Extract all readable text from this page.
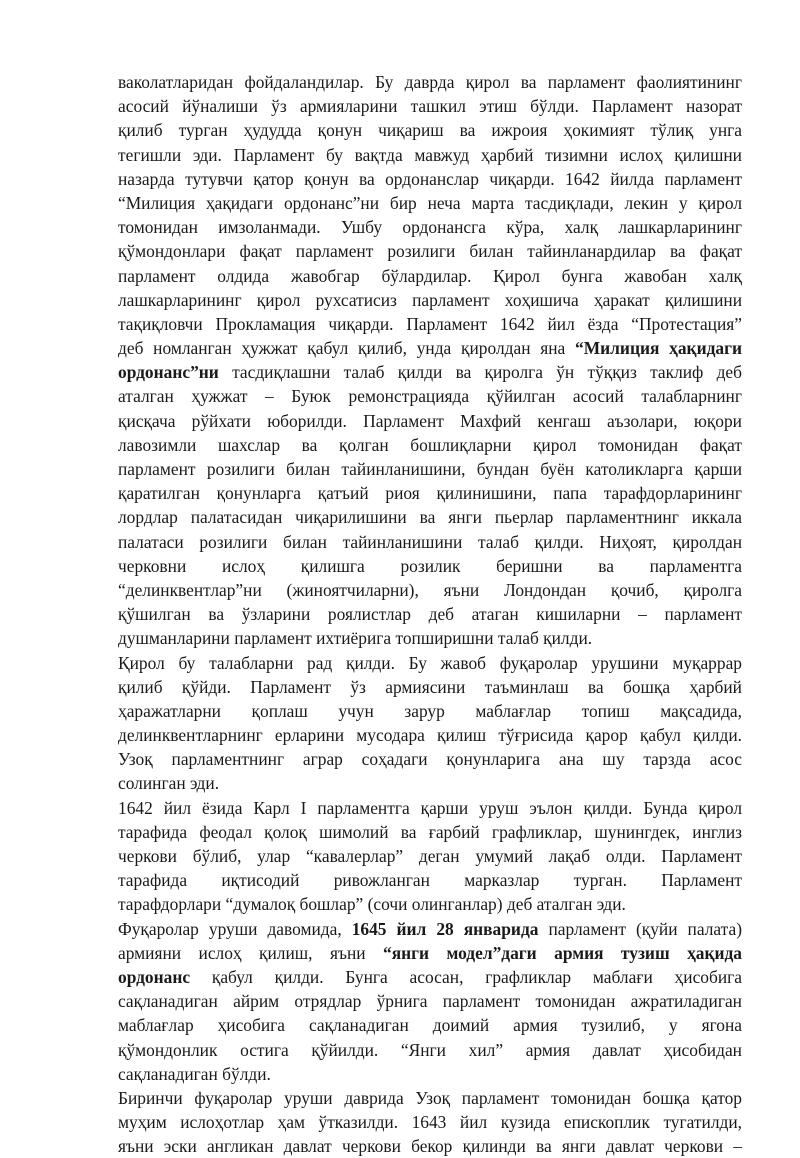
ваколатларидан фойдаландилар. Бу даврда қирол ва парламент фаолиятининг
асосий йўналиши ўз армияларини ташкил этиш бўлди. Парламент назорат
қилиб турган ҳудудда қонун чиқариш ва ижроия ҳокимият тўлиқ унга
тегишли эди. Парламент бу вақтда мавжуд ҳарбий тизимни ислоҳ қилишни
назарда тутувчи қатор қонун ва ордонанслар чиқарди. 1642 йилда парламент
“Милиция ҳақидаги ордонанс”ни бир неча марта тасдиқлади, лекин у қирол
томонидан имзоланмади. Ушбу ордонансга кўра, халқ лашкарларининг
қўмондонлари фақат парламент розилиги билан тайинланардилар ва фақат
парламент олдида жавобгар бўлардилар. Қирол бунга жавобан халқ
лашкарларининг қирол рухсатисиз парламент хоҳишича ҳаракат қилишини
тақиқловчи Прокламация чиқарди. Парламент 1642 йил ёзда “Протестация”
деб номланган ҳужжат қабул қилиб, унда қиролдан яна “Милиция ҳақидаги
ордонанс”ни тасдиқлашни талаб қилди ва қиролга ўн тўққиз таклиф деб
аталган ҳужжат – Буюк ремонстрацияда қўйилган асосий талабларнинг
қисқача рўйхати юборилди. Парламент Махфий кенгаш аъзолари, юқори
лавозимли шахслар ва қолган бошлиқларни қирол томонидан фақат
парламент розилиги билан тайинланишини, бундан буён католикларга қарши
қаратилган қонунларга қатъий риоя қилинишини, папа тарафдорларининг
лордлар палатасидан чиқарилишини ва янги пьерлар парламентнинг иккала
палатаси розилиги билан тайинланишини талаб қилди. Ниҳоят, қиролдан
черковни ислоҳ қилишга розилик беришни ва парламентга
“делинквентлар”ни (жиноятчиларни), яъни Лондондан қочиб, қиролга
қўшилган ва ўзларини роялистлар деб атаган кишиларни – парламент
душманларини парламент ихтиёрига топширишни талаб қилди.
Қирол бу талабларни рад қилди. Бу жавоб фуқаролар урушини муқаррар
қилиб қўйди. Парламент ўз армиясини таъминлаш ва бошқа ҳарбий
ҳаражатларни қоплаш учун зарур маблағлар топиш мақсадида,
делинквентларнинг ерларини мусодара қилиш тўғрисида қарор қабул қилди.
Узоқ парламентнинг аграр соҳадаги қонунларига ана шу тарзда асос
солинган эди.
1642 йил ёзида Карл I парламентга қарши уруш эълон қилди. Бунда қирол
тарафида феодал қолоқ шимолий ва ғарбий графликлар, шунингдек, инглиз
черкови бўлиб, улар “кавалерлар” деган умумий лақаб олди. Парламент
тарафида иқтисодий ривожланган марказлар турган. Парламент
тарафдорлари “думалоқ бошлар” (сочи олинганлар) деб аталган эди.
Фуқаролар уруши давомида, 1645 йил 28 январида парламент (қуйи палата)
армияни ислоҳ қилиш, яъни “янги модел”даги армия тузиш ҳақида
ордонанс қабул қилди. Бунга асосан, графликлар маблағи ҳисобига
сақланадиган айрим отрядлар ўрнига парламент томонидан ажратиладиган
маблағлар ҳисобига сақланадиган доимий армия тузилиб, у ягона
қўмондонлик остига қўйилди. “Янги хил” армия давлат ҳисобидан
сақланадиган бўлди.
Биринчи фуқаролар уруши даврида Узоқ парламент томонидан бошқа қатор
муҳим ислоҳотлар ҳам ўтказилди. 1643 йил кузида епископлик тугатилди,
яъни эски англикан давлат черкови бекор қилинди ва янги давлат черкови –
